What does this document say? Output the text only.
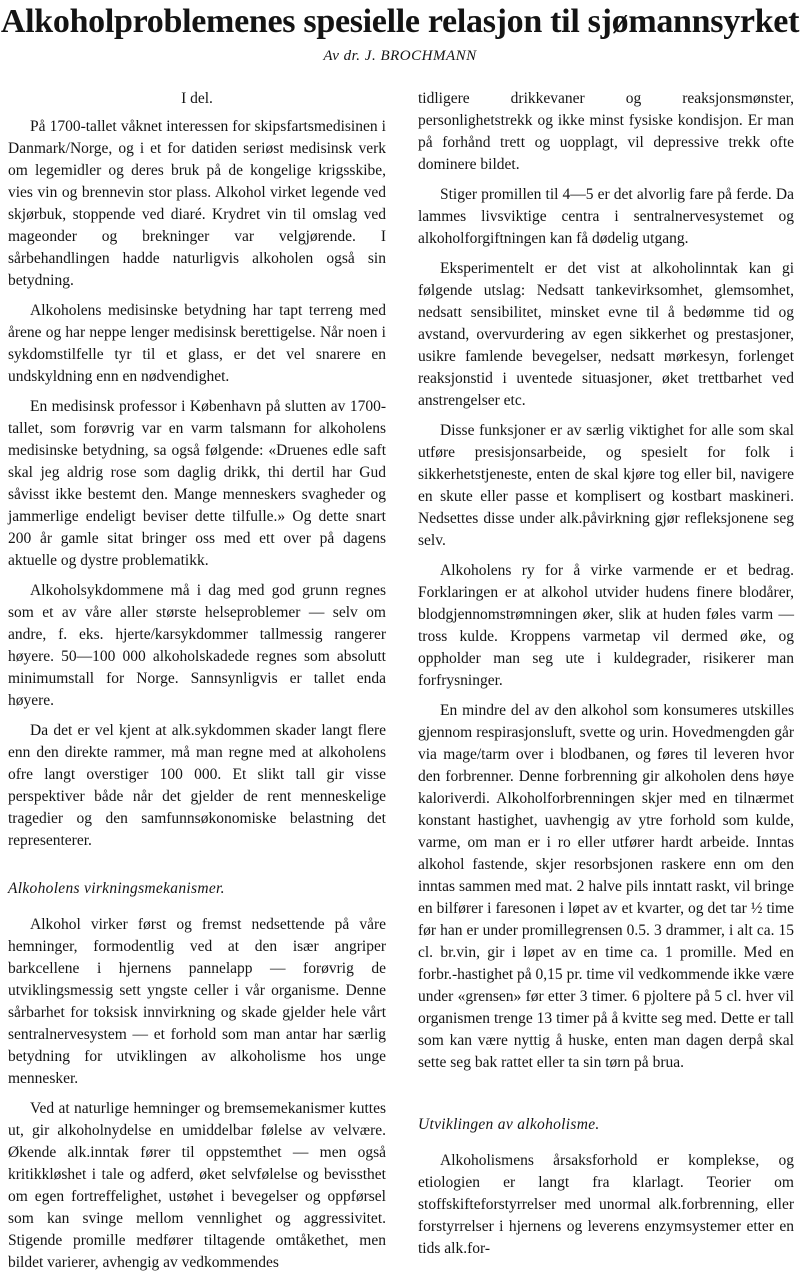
Alkoholproblemenes spesielle relasjon til sjømannsyrket
Av dr. J. BROCHMANN
I del.

På 1700-tallet våknet interessen for skipsfartsmedisinen i Danmark/Norge, og i et for datiden seriøst medisinsk verk om legemidler og deres bruk på de kongelige krigsskibe, vies vin og brennevin stor plass. Alkohol virket legende ved skjørbuk, stoppende ved diaré. Krydret vin til omslag ved mageonder og brekninger var velgjørende. I sårbehandlingen hadde naturligvis alkoholen også sin betydning.

Alkoholens medisinske betydning har tapt terreng med årene og har neppe lenger medisinsk berettigelse. Når noen i sykdomstilfelle tyr til et glass, er det vel snarere en undskyldning enn en nødvendighet.

En medisinsk professor i København på slutten av 1700-tallet, som forøvrig var en varm talsmann for alkoholens medisinske betydning, sa også følgende: «Druenes edle saft skal jeg aldrig rose som daglig drikk, thi dertil har Gud såvisst ikke bestemt den. Mange menneskers svagheder og jammerlige endeligt beviser dette tilfulle.» Og dette snart 200 år gamle sitat bringer oss med ett over på dagens aktuelle og dystre problematikk.

Alkoholsykdommene må i dag med god grunn regnes som et av våre aller største helseproblemer — selv om andre, f. eks. hjerte/karsykdommer tallmessig rangerer høyere. 50—100 000 alkoholskadede regnes som absolutt minimumstall for Norge. Sannsynligvis er tallet enda høyere.

Da det er vel kjent at alk.sykdommen skader langt flere enn den direkte rammer, må man regne med at alkoholens ofre langt overstiger 100 000. Et slikt tall gir visse perspektiver både når det gjelder de rent menneskelige tragedier og den samfunnsøkonomiske belastning det representerer.

Alkoholens virkningsmekanismer.

Alkohol virker først og fremst nedsettende på våre hemninger, formodentlig ved at den især angriper barkcellene i hjernens pannelapp — forøvrig de utviklingsmessig sett yngste celler i vår organisme. Denne sårbarhet for toksisk innvirkning og skade gjelder hele vårt sentralnervesystem — et forhold som man antar har særlig betydning for utviklingen av alkoholisme hos unge mennesker.

Ved at naturlige hemninger og bremsemekanismer kuttes ut, gir alkoholnydelse en umiddelbar følelse av velvære. Økende alk.inntak fører til oppstemthet — men også kritikkløshet i tale og adferd, øket selvfølelse og bevissthet om egen fortreffelighet, ustøhet i bevegelser og oppførsel som kan svinge mellom vennlighet og aggressivitet. Stigende promille medfører tiltagende omtåkethet, men bildet varierer, avhengig av vedkommendes

tidligere drikkevaner og reaksjonsmønster, personlighetstrekk og ikke minst fysiske kondisjon. Er man på forhånd trett og uopplagt, vil depressive trekk ofte dominere bildet.

Stiger promillen til 4—5 er det alvorlig fare på ferde. Da lammes livsviktige centra i sentralnervesystemet og alkoholforgiftningen kan få dødelig utgang.

Eksperimentelt er det vist at alkoholinntak kan gi følgende utslag: Nedsatt tankevirksomhet, glemsomhet, nedsatt sensibilitet, minsket evne til å bedømme tid og avstand, overvurdering av egen sikkerhet og prestasjoner, usikre famlende bevegelser, nedsatt mørkesyn, forlenget reaksjonstid i uventede situasjoner, øket trettbarhet ved anstrengelser etc.

Disse funksjoner er av særlig viktighet for alle som skal utføre presisjonsarbeide, og spesielt for folk i sikkerhetstjeneste, enten de skal kjøre tog eller bil, navigere en skute eller passe et komplisert og kostbart maskineri. Nedsettes disse under alk.påvirkning gjør refleksjonene seg selv.

Alkoholens ry for å virke varmende er et bedrag. Forklaringen er at alkohol utvider hudens finere blodårer, blodgjennomstrømningen øker, slik at huden føles varm — tross kulde. Kroppens varmetap vil dermed øke, og oppholder man seg ute i kuldegrader, risikerer man forfrysninger.

En mindre del av den alkohol som konsumeres utskilles gjennom respirasjonsluft, svette og urin. Hovedmengden går via mage/tarm over i blodbanen, og føres til leveren hvor den forbrenner. Denne forbrenning gir alkoholen dens høye kaloriverdi. Alkoholforbrenningen skjer med en tilnærmet konstant hastighet, uavhengig av ytre forhold som kulde, varme, om man er i ro eller utfører hardt arbeide. Inntas alkohol fastende, skjer resorbsjonen raskere enn om den inntas sammen med mat. 2 halve pils inntatt raskt, vil bringe en bilfører i faresonen i løpet av et kvarter, og det tar ½ time før han er under promillegrensen 0.5. 3 drammer, i alt ca. 15 cl. br.vin, gir i løpet av en time ca. 1 promille. Med en forbr.-hastighet på 0,15 pr. time vil vedkommende ikke være under «grensen» før etter 3 timer. 6 pjoltere på 5 cl. hver vil organismen trenge 13 timer på å kvitte seg med. Dette er tall som kan være nyttig å huske, enten man dagen derpå skal sette seg bak rattet eller ta sin tørn på brua.

Utviklingen av alkoholisme.

Alkoholismens årsaksforhold er komplekse, og etiologien er langt fra klarlagt. Teorier om stoffskifteforstyrrelser med unormal alk.forbrenning, eller forstyrrelser i hjernens og leverens enzymsystemer etter en tids alk.for-
